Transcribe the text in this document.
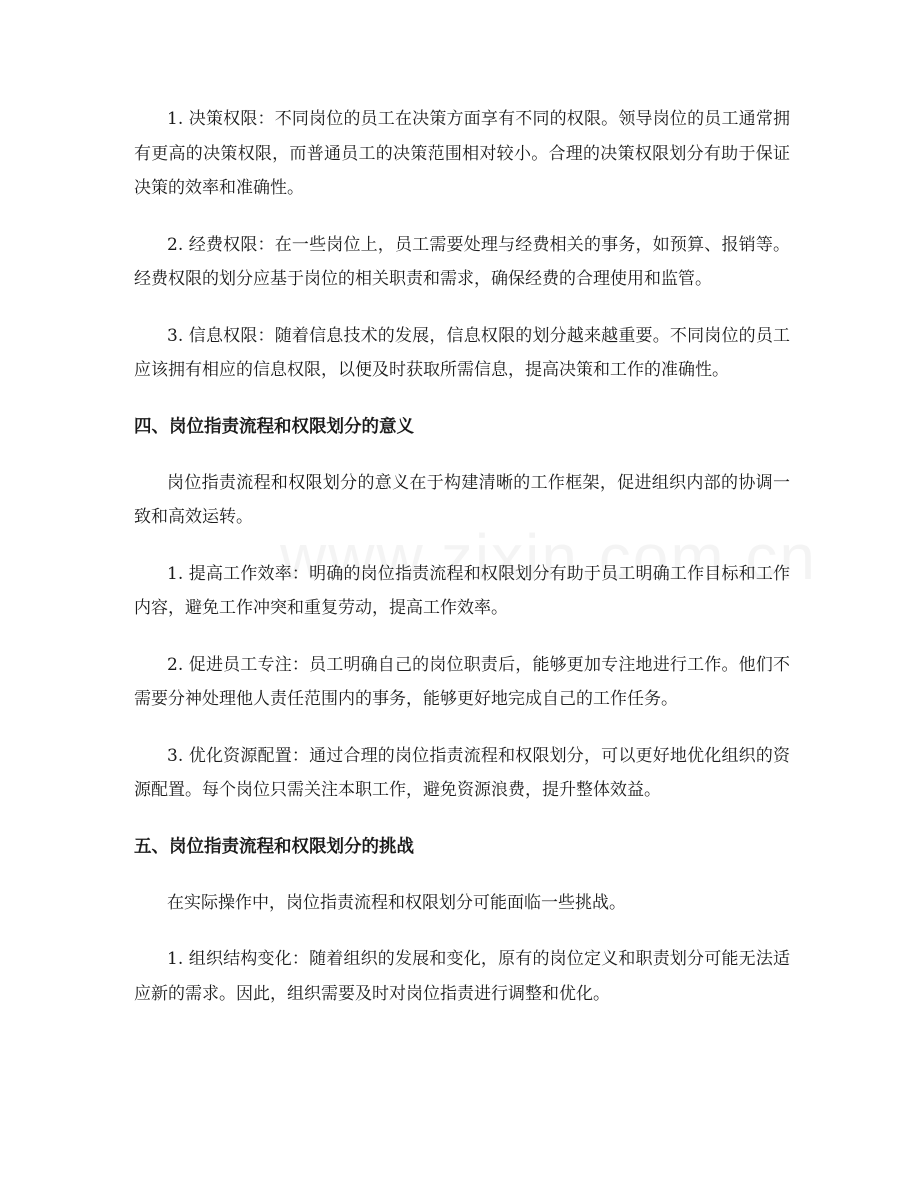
1. 决策权限：不同岗位的员工在决策方面享有不同的权限。领导岗位的员工通常拥有更高的决策权限，而普通员工的决策范围相对较小。合理的决策权限划分有助于保证决策的效率和准确性。

2. 经费权限：在一些岗位上，员工需要处理与经费相关的事务，如预算、报销等。经费权限的划分应基于岗位的相关职责和需求，确保经费的合理使用和监管。

3. 信息权限：随着信息技术的发展，信息权限的划分越来越重要。不同岗位的员工应该拥有相应的信息权限，以便及时获取所需信息，提高决策和工作的准确性。

四、岗位指责流程和权限划分的意义

岗位指责流程和权限划分的意义在于构建清晰的工作框架，促进组织内部的协调一致和高效运转。

1. 提高工作效率：明确的岗位指责流程和权限划分有助于员工明确工作目标和工作内容，避免工作冲突和重复劳动，提高工作效率。

2. 促进员工专注：员工明确自己的岗位职责后，能够更加专注地进行工作。他们不需要分神处理他人责任范围内的事务，能够更好地完成自己的工作任务。

3. 优化资源配置：通过合理的岗位指责流程和权限划分，可以更好地优化组织的资源配置。每个岗位只需关注本职工作，避免资源浪费，提升整体效益。

五、岗位指责流程和权限划分的挑战

在实际操作中，岗位指责流程和权限划分可能面临一些挑战。

1. 组织结构变化：随着组织的发展和变化，原有的岗位定义和职责划分可能无法适应新的需求。因此，组织需要及时对岗位指责进行调整和优化。
